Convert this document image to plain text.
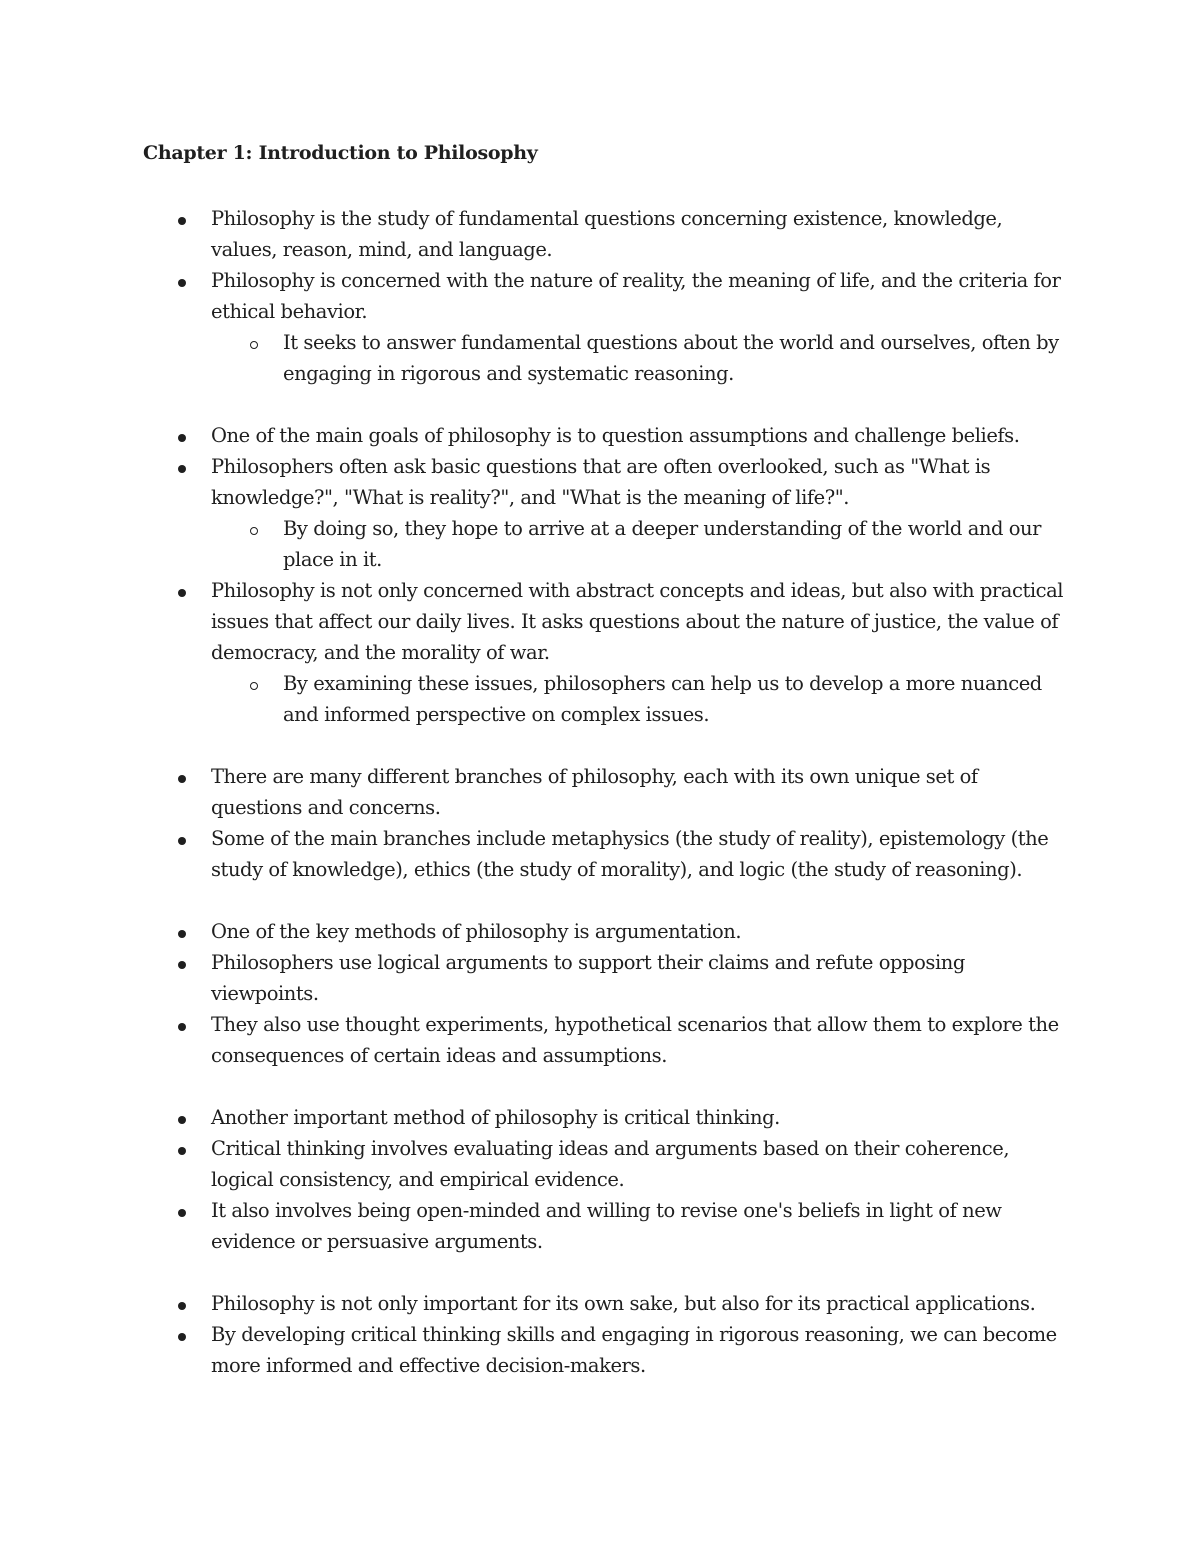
Chapter 1: Introduction to Philosophy
Philosophy is the study of fundamental questions concerning existence, knowledge, values, reason, mind, and language.
Philosophy is concerned with the nature of reality, the meaning of life, and the criteria for ethical behavior.
It seeks to answer fundamental questions about the world and ourselves, often by engaging in rigorous and systematic reasoning.
One of the main goals of philosophy is to question assumptions and challenge beliefs.
Philosophers often ask basic questions that are often overlooked, such as "What is knowledge?", "What is reality?", and "What is the meaning of life?".
By doing so, they hope to arrive at a deeper understanding of the world and our place in it.
Philosophy is not only concerned with abstract concepts and ideas, but also with practical issues that affect our daily lives. It asks questions about the nature of justice, the value of democracy, and the morality of war.
By examining these issues, philosophers can help us to develop a more nuanced and informed perspective on complex issues.
There are many different branches of philosophy, each with its own unique set of questions and concerns.
Some of the main branches include metaphysics (the study of reality), epistemology (the study of knowledge), ethics (the study of morality), and logic (the study of reasoning).
One of the key methods of philosophy is argumentation.
Philosophers use logical arguments to support their claims and refute opposing viewpoints.
They also use thought experiments, hypothetical scenarios that allow them to explore the consequences of certain ideas and assumptions.
Another important method of philosophy is critical thinking.
Critical thinking involves evaluating ideas and arguments based on their coherence, logical consistency, and empirical evidence.
It also involves being open-minded and willing to revise one's beliefs in light of new evidence or persuasive arguments.
Philosophy is not only important for its own sake, but also for its practical applications.
By developing critical thinking skills and engaging in rigorous reasoning, we can become more informed and effective decision-makers.
